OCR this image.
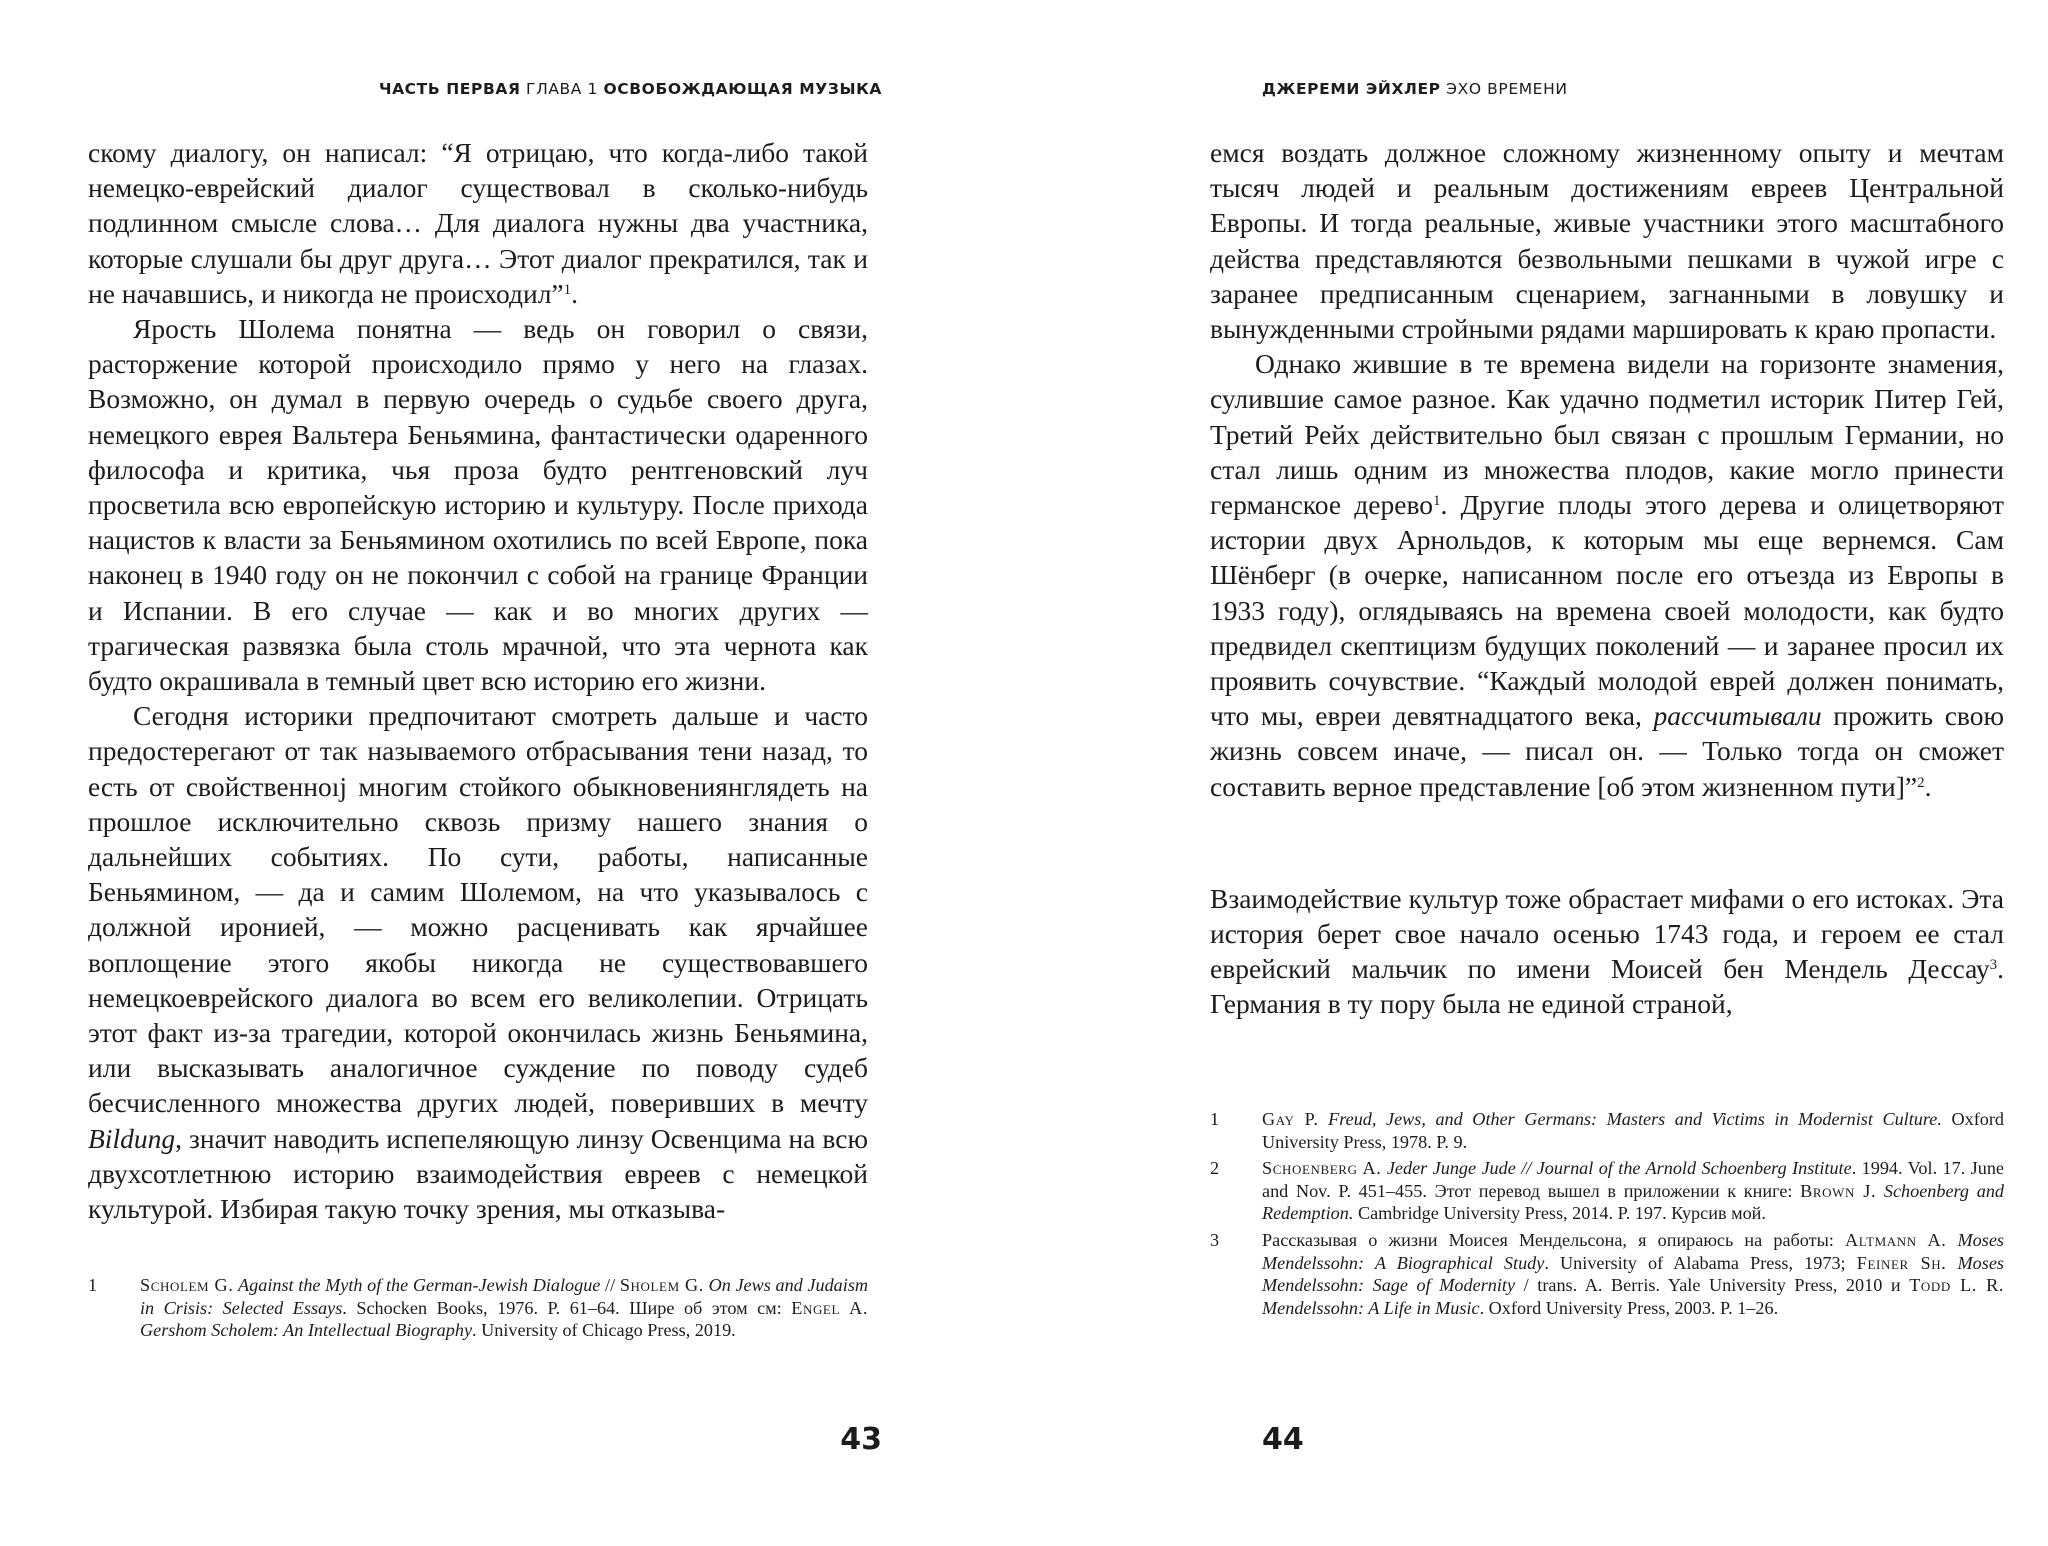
ЧАСТЬ ПЕРВАЯ ГЛАВА 1 ОСВОБОЖДАЮЩАЯ МУЗЫКА

скому диалогу, он написал: “Я отрицаю, что когда-либо такой немецко-еврейский диалог существовал в сколько-нибудь подлинном смысле слова… Для диалога нужны два участника, которые слушали бы друг друга… Этот диалог прекратился, так и не начавшись, и никогда не происходил”$^1$.

Ярость Шолема понятна — ведь он говорил о связи, расторжение которой происходило прямо у него на глазах. Возможно, он думал в первую очередь о судьбе своего друга, немецкого еврея Вальтера Беньямина, фантастически одаренного философа и критика, чья проза будто рентгеновский луч просветила всю европейскую историю и культуру. После прихода нацистов к власти за Беньямином охотились по всей Европе, пока наконец в 1940 году он не покончил с собой на границе Франции и Испании. В его случае — как и во многих других — трагическая развязка была столь мрачной, что эта чернота как будто окрашивала в темный цвет всю историю его жизни.

Сегодня историки предпочитают смотреть дальше и часто предостерегают от так называемого отбрасывания тени назад, то есть от свойственноıj многим стойкого обыкновениянглядеть на прошлое исключительно сквозь призму нашего знания о дальнейших событиях. По сути, работы, написанные Беньямином, — да и самим Шолемом, на что указывалось с должной иронией, — можно расценивать как ярчайшее воплощение этого якобы никогда не существовавшего немецкоеврейского диалога во всем его великолепии. Отрицать этот факт из-за трагедии, которой окончилась жизнь Беньямина, или высказывать аналогичное суждение по поводу судеб бесчисленного множества других людей, поверивших в мечту Bildung, значит наводить испепеляющую линзу Освенцима на всю двухсотлетнюю историю взаимодействия евреев с немецкой культурой. Избирая такую точку зрения, мы отказыва-

1 Scholem G. Against the Myth of the German-Jewish Dialogue // Sholem G. On Jews and Judaism in Crisis: Selected Essays. Schocken Books, 1976. P. 61–64. Шире об этом см: Engel A. Gershom Scholem: An Intellectual Biography. University of Chicago Press, 2019.
43
ДЖЕРЕМИ ЭЙХЛЕР ЭХО ВРЕМЕНИ

емся воздать должное сложному жизненному опыту и мечтам тысяч людей и реальным достижениям евреев Центральной Европы. И тогда реальные, живые участники этого масштабного действа представляются безвольными пешками в чужой игре с заранее предписанным сценарием, загнанными в ловушку и вынужденными стройными рядами маршировать к краю пропасти.

Однако жившие в те времена видели на горизонте знамения, сулившие самое разное. Как удачно подметил историк Питер Гей, Третий Рейх действительно был связан с прошлым Германии, но стал лишь одним из множества плодов, какие могло принести германское дерево$^1$. Другие плоды этого дерева и олицетворяют истории двух Арнольдов, к которым мы еще вернемся. Сам Шёнберг (в очерке, написанном после его отъезда из Европы в 1933 году), оглядываясь на времена своей молодости, как будто предвидел скептицизм будущих поколений — и заранее просил их проявить сочувствие. “Каждый молодой еврей должен понимать, что мы, евреи девятнадцатого века, рассчитывали прожить свою жизнь совсем иначе, — писал он. — Только тогда он сможет составить верное представление [об этом жизненном пути]”$^2$.

Взаимодействие культур тоже обрастает мифами о его истоках. Эта история берет свое начало осенью 1743 года, и героем ее стал еврейский мальчик по имени Моисей бен Мендель Дессау$^3$. Германия в ту пору была не единой страной,

1 Gay P. Freud, Jews, and Other Germans: Masters and Victims in Modernist Culture. Oxford University Press, 1978. P. 9.
2 Schoenberg A. Jeder Junge Jude // Journal of the Arnold Schoenberg Institute. 1994. Vol. 17. June and Nov. P. 451–455. Этот перевод вышел в приложении к книге: Brown J. Schoenberg and Redemption. Cambridge University Press, 2014. P. 197. Курсив мой.
3 Рассказывая о жизни Моисея Мендельсона, я опираюсь на работы: Altmann A. Moses Mendelssohn: A Biographical Study. University of Alabama Press, 1973; Feiner Sh. Moses Mendelssohn: Sage of Modernity / trans. A. Berris. Yale University Press, 2010 и Todd L. R. Mendelssohn: A Life in Music. Oxford University Press, 2003. P. 1–26.
44
